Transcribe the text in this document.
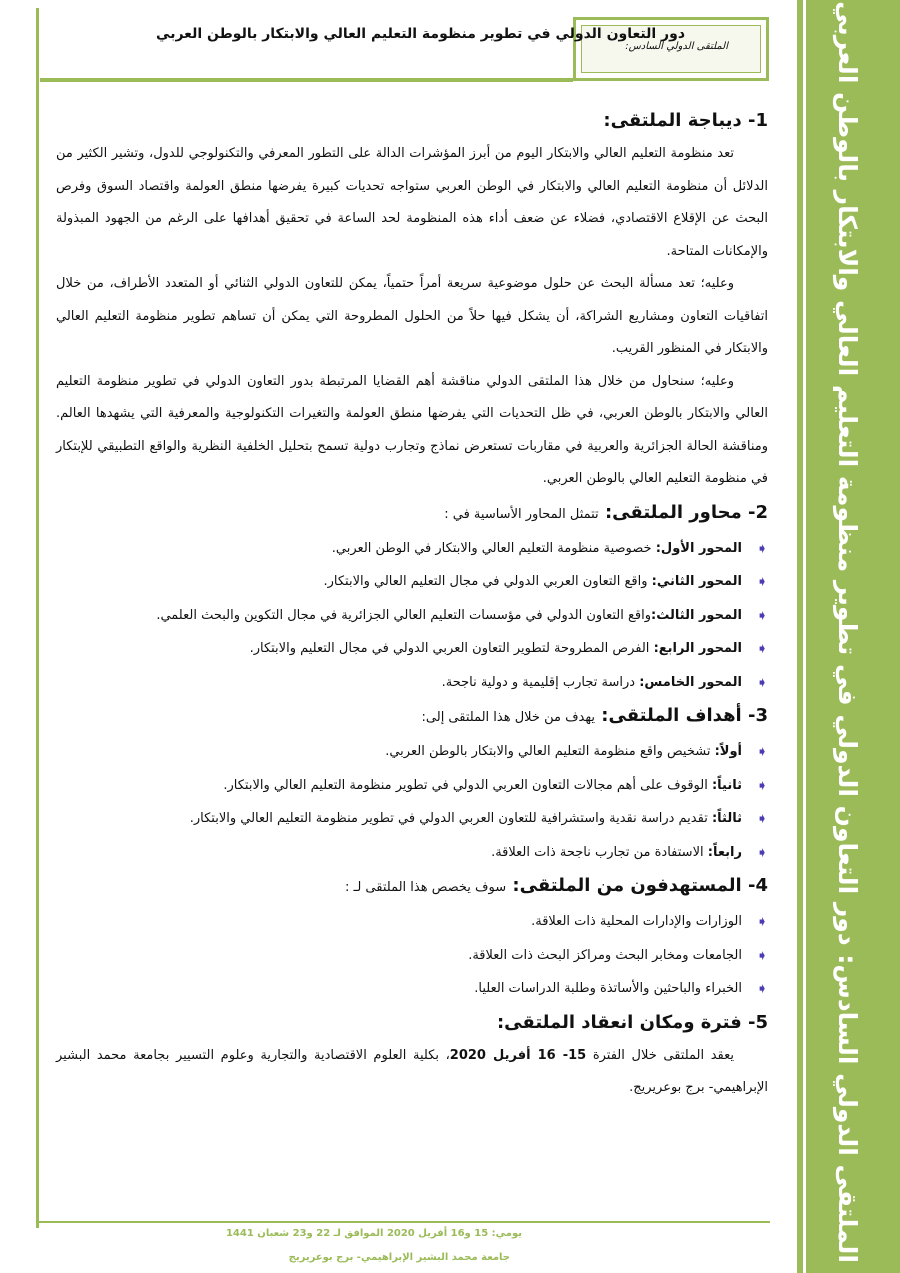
الملتقى الدولي السادس: دور التعاون الدولي في تطوير منظومة التعليم العالي والابتكار بالوطن العربي
الملتقى الدولي السادس:
دور التعاون الدولي في تطوير منظومة التعليم العالي والابتكار بالوطن العربي
1- ديباجة الملتقى:

تعد منظومة التعليم العالي والابتكار اليوم من أبرز المؤشرات الدالة على التطور المعرفي والتكنولوجي للدول، وتشير الكثير من الدلائل أن منظومة التعليم العالي والابتكار في الوطن العربي ستواجه تحديات كبيرة يفرضها منطق العولمة واقتصاد السوق وفرص البحث عن الإقلاع الاقتصادي، فضلاء عن ضعف أداء هذه المنظومة لحد الساعة في تحقيق أهدافها على الرغم من الجهود المبذولة والإمكانات المتاحة.

وعليه؛ تعد مسألة البحث عن حلول موضوعية سريعة أمراً حتمياً، يمكن للتعاون الدولي الثنائي أو المتعدد الأطراف، من خلال اتفاقيات التعاون ومشاريع الشراكة، أن يشكل فيها حلاً من الحلول المطروحة التي يمكن أن تساهم تطوير منظومة التعليم العالي والابتكار في المنظور القريب.

وعليه؛ سنحاول من خلال هذا الملتقى الدولي مناقشة أهم القضايا المرتبطة بدور التعاون الدولي في تطوير منظومة التعليم العالي والابتكار بالوطن العربي، في ظل التحديات التي يفرضها منطق العولمة والتغيرات التكنولوجية والمعرفية التي يشهدها العالم. ومناقشة الحالة الجزائرية والعربية في مقاربات تستعرض نماذج وتجارب دولية تسمح بتحليل الخلفية النظرية والواقع التطبيقي للإبتكار في منظومة التعليم العالي بالوطن العربي.

2- محاور الملتقى: تتمثل المحاور الأساسية في :
➧
المحور الأول: خصوصية منظومة التعليم العالي والابتكار في الوطن العربي.
➧
المحور الثاني: واقع التعاون العربي الدولي في مجال التعليم العالي والابتكار.
➧
المحور الثالث:واقع التعاون الدولي في مؤسسات التعليم العالي الجزائرية في مجال التكوين والبحث العلمي.
➧
المحور الرابع: الفرص المطروحة لتطوير التعاون العربي الدولي في مجال التعليم والابتكار.
➧
المحور الخامس: دراسة تجارب إقليمية و دولية ناجحة.
3- أهداف الملتقى: يهدف من خلال هذا الملتقى إلى:
➧
أولاً: تشخيص واقع منظومة التعليم العالي والابتكار بالوطن العربي.
➧
ثانياً: الوقوف على أهم مجالات التعاون العربي الدولي في تطوير منظومة التعليم العالي والابتكار.
➧
ثالثاً: تقديم دراسة نقدية واستشرافية للتعاون العربي الدولي في تطوير منظومة التعليم العالي والابتكار.
➧
رابعاً: الاستفادة من تجارب ناجحة ذات العلاقة.
4- المستهدفون من الملتقى: سوف يخصص هذا الملتقى لـ :
➧
الوزارات والإدارات المحلية ذات العلاقة.
➧
الجامعات ومخابر البحث ومراكز البحث ذات العلاقة.
➧
الخبراء والباحثين والأساتذة وطلبة الدراسات العليا.
5- فترة ومكان انعقاد الملتقى:

يعقد الملتقى خلال الفترة 15- 16 أفريل 2020، بكلية العلوم الاقتصادية والتجارية وعلوم التسيير بجامعة محمد البشير الإبراهيمي- برج بوعريريج.

يومي: 15 و16 أفريل 2020 الموافق لـ 22 و23 شعبان 1441
جامعة محمد البشير الإبراهيمي- برج بوعريريج
